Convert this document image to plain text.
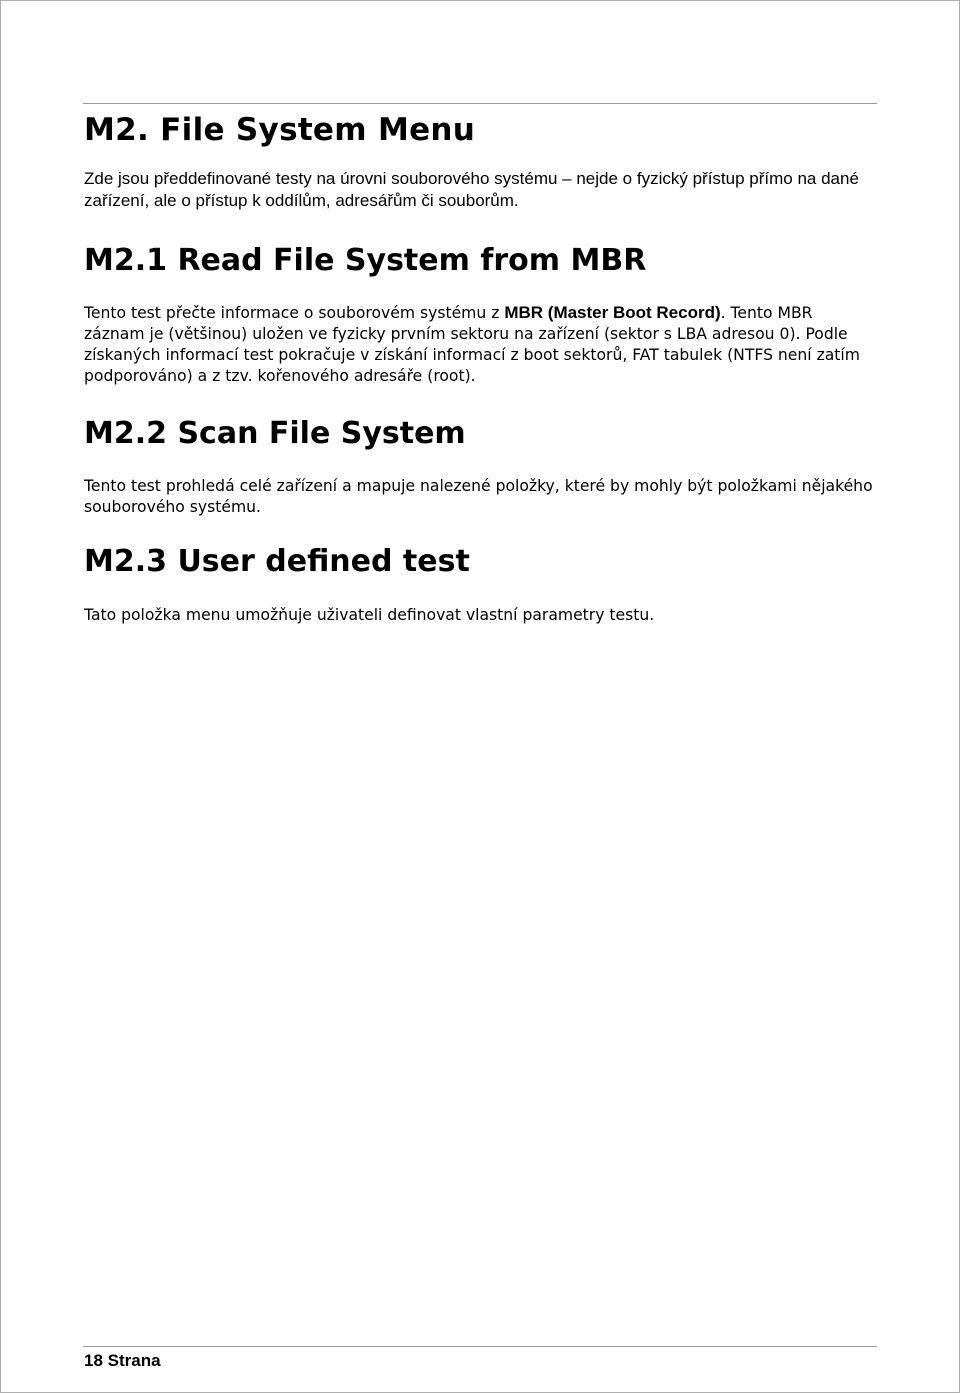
M2. File System Menu

Zde jsou předdefinované testy na úrovni souborového systému – nejde o fyzický přístup přímo na dané zařízení, ale o přístup k oddílům, adresářům či souborům.

M2.1 Read File System from MBR

Tento test přečte informace o souborovém systému z MBR (Master Boot Record). Tento MBR záznam je (většinou) uložen ve fyzicky prvním sektoru na zařízení (sektor s LBA adresou 0). Podle získaných informací test pokračuje v získání informací z boot sektorů, FAT tabulek (NTFS není zatím podporováno) a z tzv. kořenového adresáře (root).

M2.2 Scan File System

Tento test prohledá celé zařízení a mapuje nalezené položky, které by mohly být položkami nějakého souborového systému.

M2.3 User defined test

Tato položka menu umožňuje uživateli definovat vlastní parametry testu.

18 Strana
